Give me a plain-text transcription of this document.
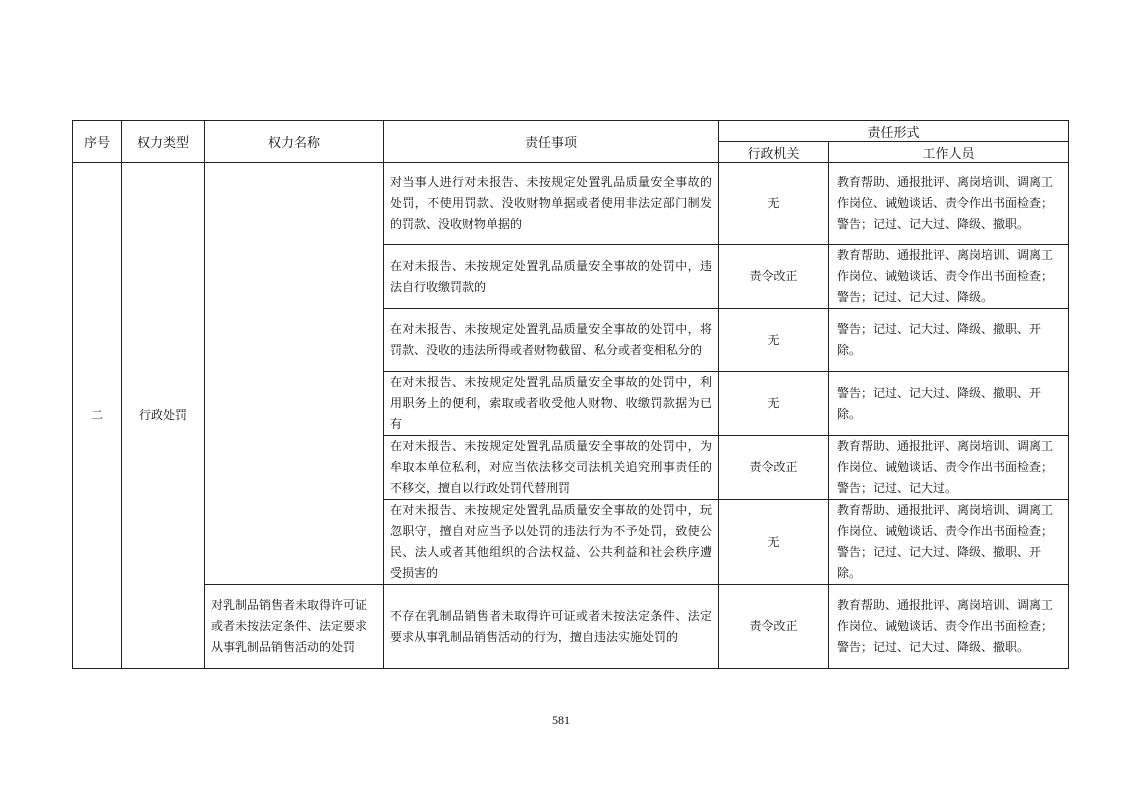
序号	权力类型	权力名称	责任事项	责任形式	
				行政机关	工作人员
二	行政处罚		对当事人进行对未报告、未按规定处置乳品质量安全事故的处罚，不使用罚款、没收财物单据或者使用非法定部门制发的罚款、没收财物单据的	无	教育帮助、通报批评、离岗培训、调离工作岗位、诫勉谈话、责令作出书面检查；警告；记过、记大过、降级、撤职。
			在对未报告、未按规定处置乳品质量安全事故的处罚中，违法自行收缴罚款的	责令改正	教育帮助、通报批评、离岗培训、调离工作岗位、诫勉谈话、责令作出书面检查；警告；记过、记大过、降级。
			在对未报告、未按规定处置乳品质量安全事故的处罚中，将罚款、没收的违法所得或者财物截留、私分或者变相私分的	无	警告；记过、记大过、降级、撤职、开除。
			在对未报告、未按规定处置乳品质量安全事故的处罚中，利用职务上的便利，索取或者收受他人财物、收缴罚款据为已有	无	警告；记过、记大过、降级、撤职、开除。
			在对未报告、未按规定处置乳品质量安全事故的处罚中，为牟取本单位私利，对应当依法移交司法机关追究刑事责任的不移交，擅自以行政处罚代替刑罚	责令改正	教育帮助、通报批评、离岗培训、调离工作岗位、诫勉谈话、责令作出书面检查；警告；记过、记大过。
			在对未报告、未按规定处置乳品质量安全事故的处罚中，玩忽职守，擅自对应当予以处罚的违法行为不予处罚，致使公民、法人或者其他组织的合法权益、公共利益和社会秩序遭受损害的	无	教育帮助、通报批评、离岗培训、调离工作岗位、诫勉谈话、责令作出书面检查；警告；记过、记大过、降级、撤职、开除。
		对乳制品销售者未取得许可证或者未按法定条件、法定要求从事乳制品销售活动的处罚	不存在乳制品销售者未取得许可证或者未按法定条件、法定要求从事乳制品销售活动的行为，擅自违法实施处罚的	责令改正	教育帮助、通报批评、离岗培训、调离工作岗位、诫勉谈话、责令作出书面检查；警告；记过、记大过、降级、撤职。
581
